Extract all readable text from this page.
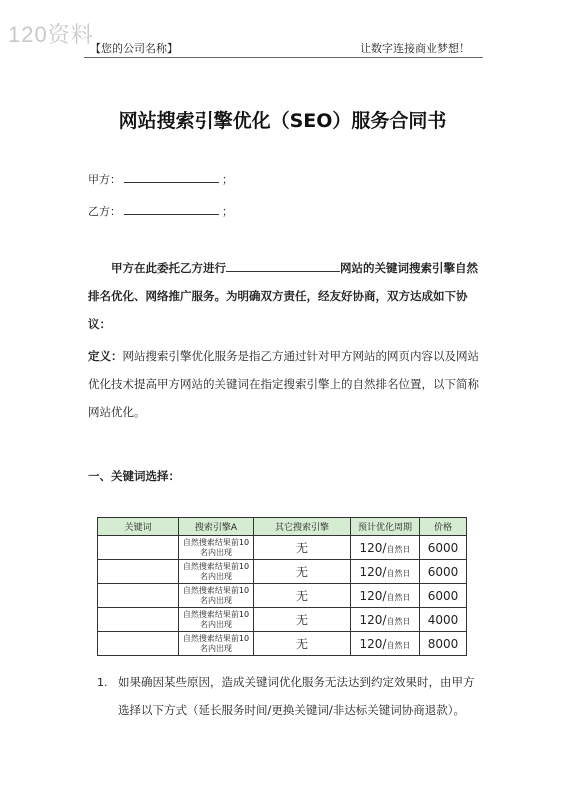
120资料
【您的公司名称】	让数字连接商业梦想！
网站搜索引擎优化（SEO）服务合同书
甲方：	；
乙方：	；
甲方在此委托乙方进行	网站的关键词搜索引擎自然排名优化、网络推广服务。为明确双方责任，经友好协商，双方达成如下协议：
定义：网站搜索引擎优化服务是指乙方通过针对甲方网站的网页内容以及网站优化技术提高甲方网站的关键词在指定搜索引擎上的自然排名位置，以下简称网站优化。
一、关键词选择：
关键词	搜索引擎A	其它搜索引擎	预计优化周期	价格
	自然搜索结果前10名内出现	无	120/自然日	6000
	自然搜索结果前10名内出现	无	120/自然日	6000
	自然搜索结果前10名内出现	无	120/自然日	6000
	自然搜索结果前10名内出现	无	120/自然日	4000
	自然搜索结果前10名内出现	无	120/自然日	8000
1. 如果确因某些原因，造成关键词优化服务无法达到约定效果时，由甲方选择以下方式（延长服务时间/更换关键词/非达标关键词协商退款）。
